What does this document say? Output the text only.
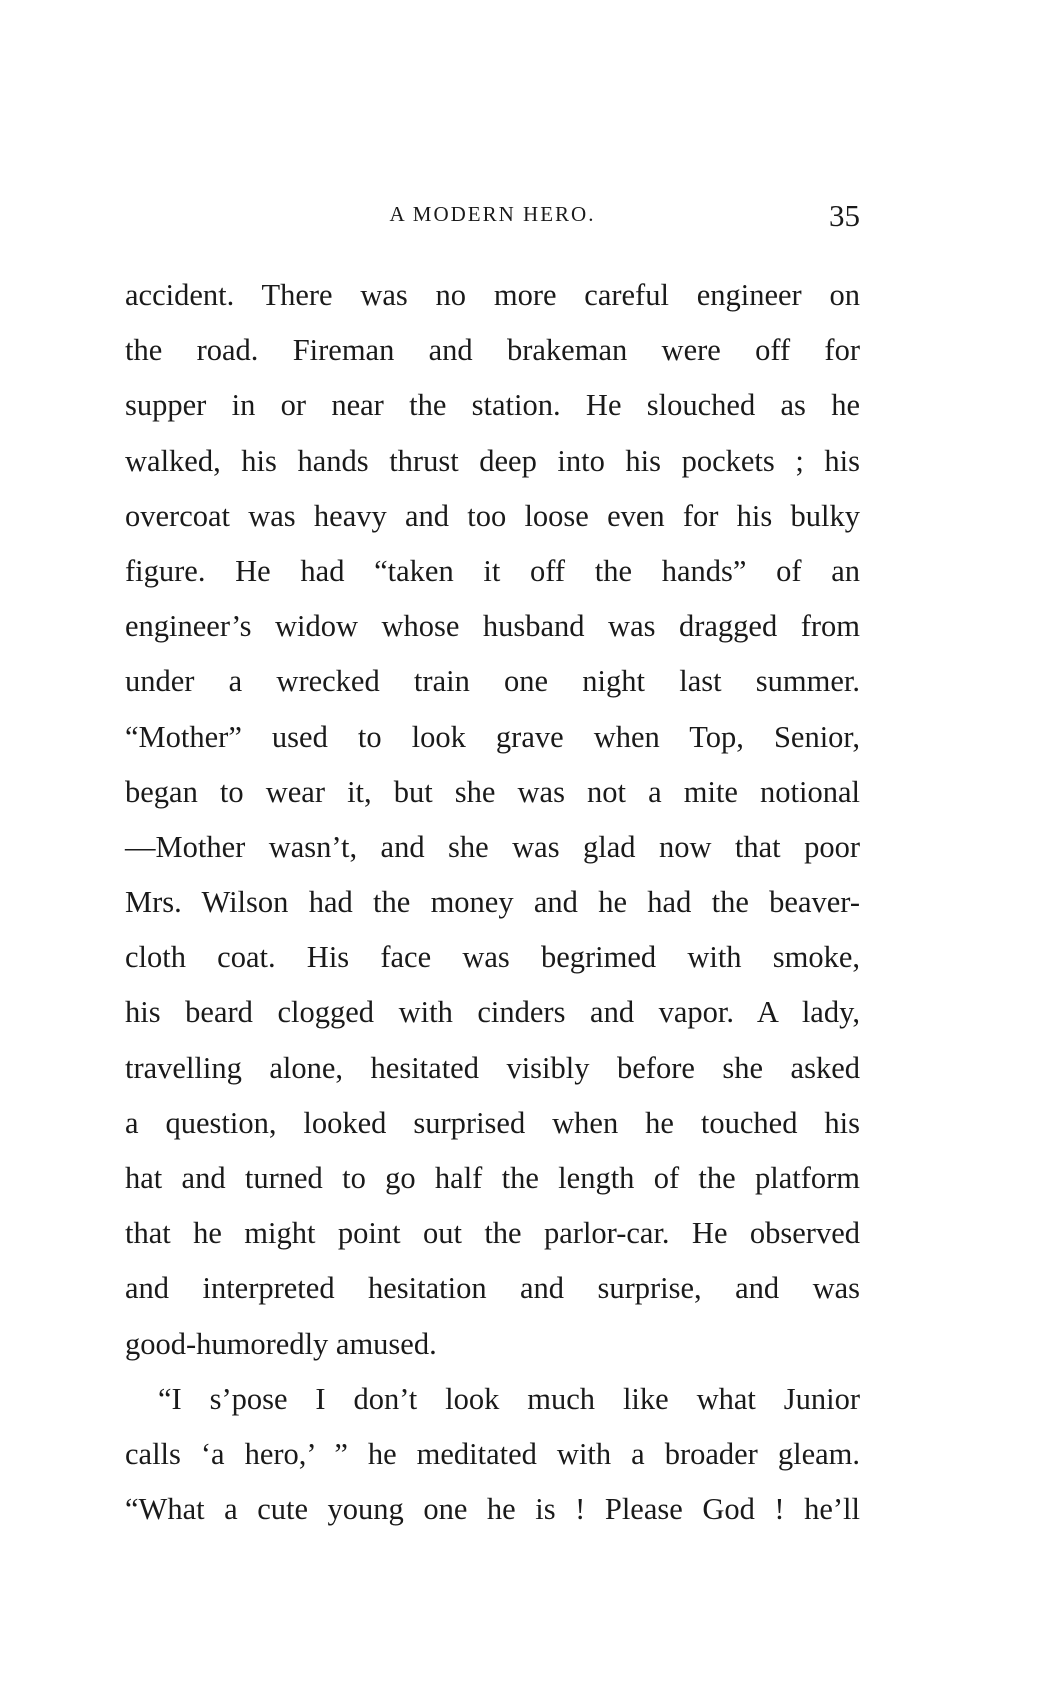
A MODERN HERO.	35
accident. There was no more careful engineer on
the road. Fireman and brakeman were off for
supper in or near the station. He slouched as he
walked, his hands thrust deep into his pockets ; his
overcoat was heavy and too loose even for his bulky
figure. He had “taken it off the hands” of an
engineer’s widow whose husband was dragged from
under a wrecked train one night last summer.
“Mother” used to look grave when Top, Senior,
began to wear it, but she was not a mite notional
—Mother wasn’t, and she was glad now that poor
Mrs. Wilson had the money and he had the beaver-
cloth coat. His face was begrimed with smoke,
his beard clogged with cinders and vapor. A lady,
travelling alone, hesitated visibly before she asked
a question, looked surprised when he touched his
hat and turned to go half the length of the platform
that he might point out the parlor-car. He observed
and interpreted hesitation and surprise, and was
good-humoredly amused.
“I s’pose I don’t look much like what Junior
calls ‘a hero,’ ” he meditated with a broader gleam.
“What a cute young one he is ! Please God ! he’ll
